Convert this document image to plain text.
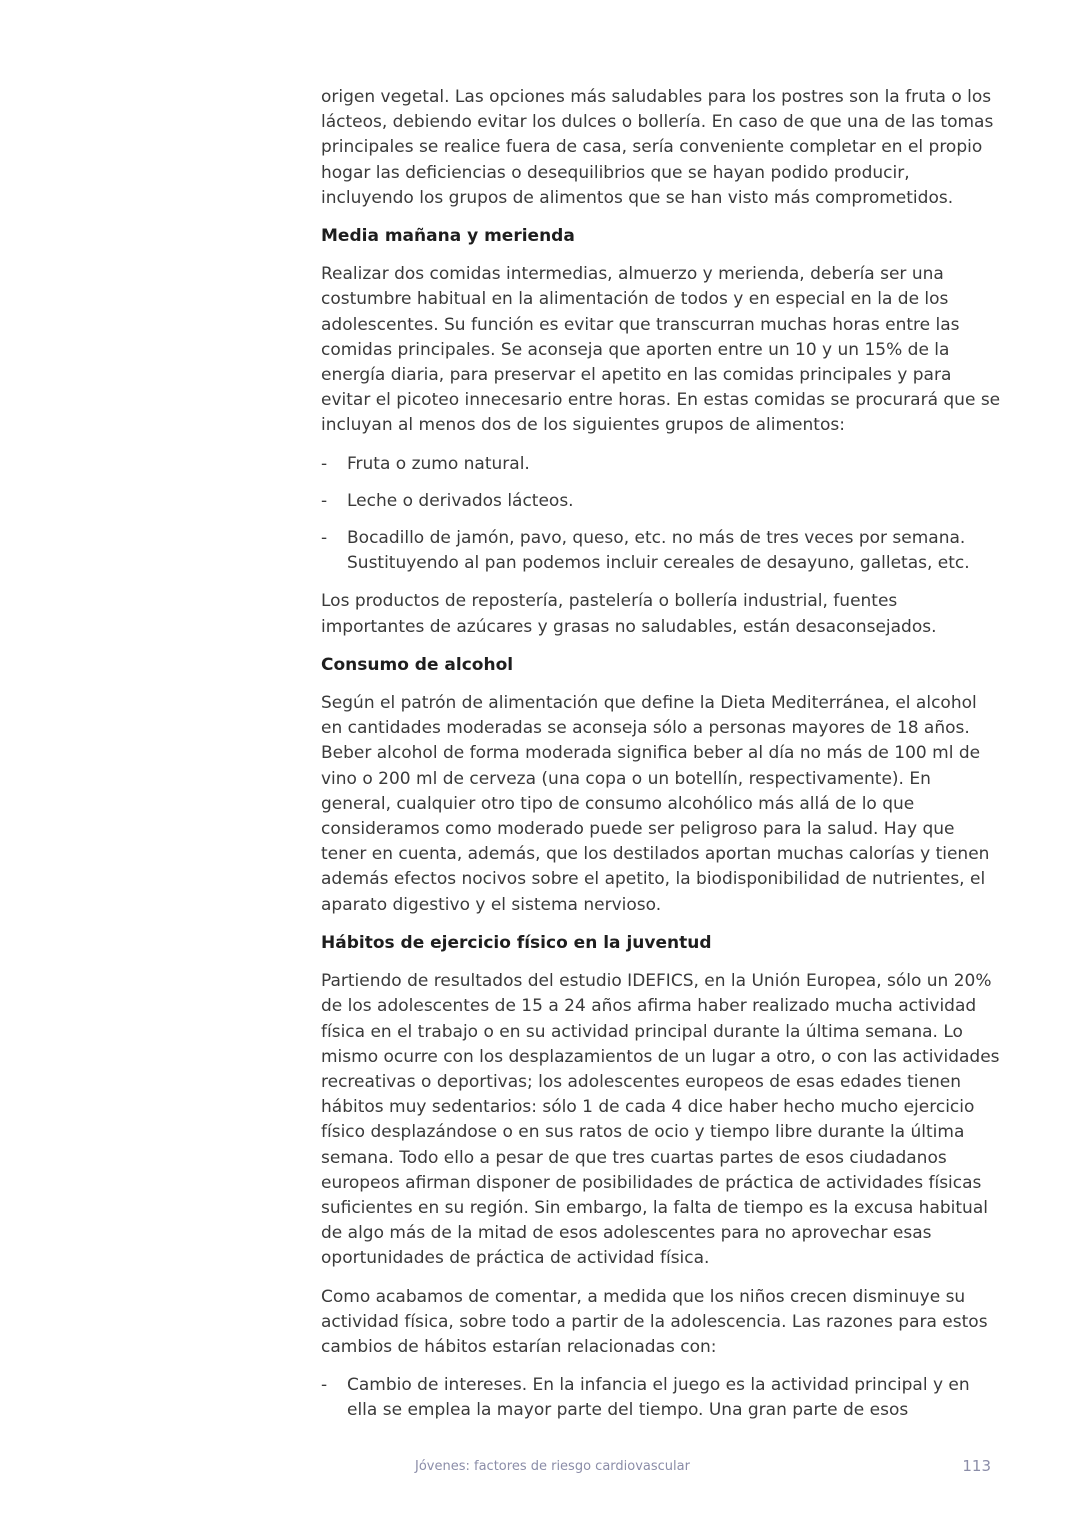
origen vegetal. Las opciones más saludables para los postres son la fruta o los lácteos, debiendo evitar los dulces o bollería. En caso de que una de las tomas principales se realice fuera de casa, sería conveniente completar en el propio hogar las deficiencias o desequilibrios que se hayan podido producir, incluyendo los grupos de alimentos que se han visto más comprometidos.

Media mañana y merienda

Realizar dos comidas intermedias, almuerzo y merienda, debería ser una costumbre habitual en la alimentación de todos y en especial en la de los adolescentes. Su función es evitar que transcurran muchas horas entre las comidas principales. Se aconseja que aporten entre un 10 y un 15% de la energía diaria, para preservar el apetito en las comidas principales y para evitar el picoteo innecesario entre horas. En estas comidas se procurará que se incluyan al menos dos de los siguientes grupos de alimentos:

- Fruta o zumo natural.
- Leche o derivados lácteos.
- Bocadillo de jamón, pavo, queso, etc. no más de tres veces por semana. Sustituyendo al pan podemos incluir cereales de desayuno, galletas, etc.

Los productos de repostería, pastelería o bollería industrial, fuentes importantes de azúcares y grasas no saludables, están desaconsejados.

Consumo de alcohol

Según el patrón de alimentación que define la Dieta Mediterránea, el alcohol en cantidades moderadas se aconseja sólo a personas mayores de 18 años. Beber alcohol de forma moderada significa beber al día no más de 100 ml de vino o 200 ml de cerveza (una copa o un botellín, respectivamente). En general, cualquier otro tipo de consumo alcohólico más allá de lo que consideramos como moderado puede ser peligroso para la salud. Hay que tener en cuenta, además, que los destilados aportan muchas calorías y tienen además efectos nocivos sobre el apetito, la biodisponibilidad de nutrientes, el aparato digestivo y el sistema nervioso.

Hábitos de ejercicio físico en la juventud

Partiendo de resultados del estudio IDEFICS, en la Unión Europea, sólo un 20% de los adolescentes de 15 a 24 años afirma haber realizado mucha actividad física en el trabajo o en su actividad principal durante la última semana. Lo mismo ocurre con los desplazamientos de un lugar a otro, o con las actividades recreativas o deportivas; los adolescentes europeos de esas edades tienen hábitos muy sedentarios: sólo 1 de cada 4 dice haber hecho mucho ejercicio físico desplazándose o en sus ratos de ocio y tiempo libre durante la última semana. Todo ello a pesar de que tres cuartas partes de esos ciudadanos europeos afirman disponer de posibilidades de práctica de actividades físicas suficientes en su región. Sin embargo, la falta de tiempo es la excusa habitual de algo más de la mitad de esos adolescentes para no aprovechar esas oportunidades de práctica de actividad física.

Como acabamos de comentar, a medida que los niños crecen disminuye su actividad física, sobre todo a partir de la adolescencia. Las razones para estos cambios de hábitos estarían relacionadas con:

- Cambio de intereses. En la infancia el juego es la actividad principal y en ella se emplea la mayor parte del tiempo. Una gran parte de esos
Jóvenes: factores de riesgo cardiovascular	113
